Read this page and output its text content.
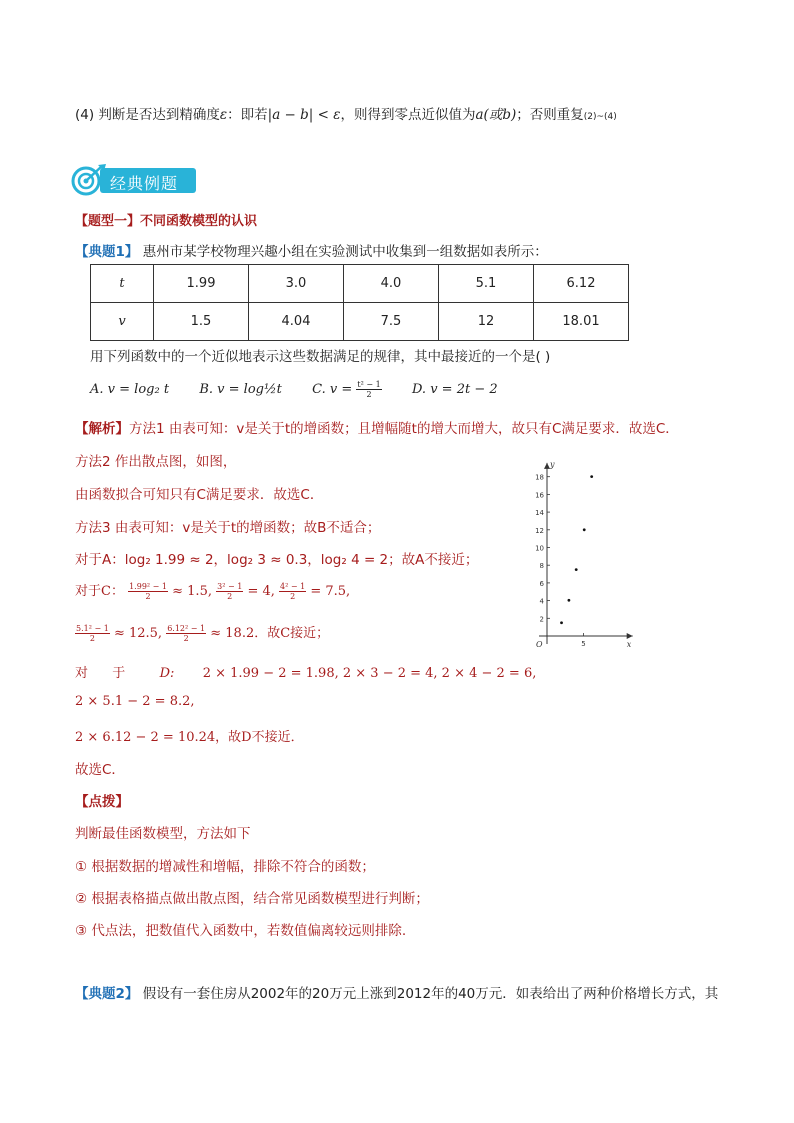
(4) 判断是否达到精确度ε：即若|a − b| < ε，则得到零点近似值为a(或b)；否则重复(2)~(4)
经典例题
【题型一】不同函数模型的认识
【典题1】 惠州市某学校物理兴趣小组在实验测试中收集到一组数据如表所示：
t	1.99	3.0	4.0	5.1	6.12
v	1.5	4.04	7.5	12	18.01
用下列函数中的一个近似地表示这些数据满足的规律，其中最接近的一个是( )
A. v = log₂ t B. v = log½t C. $v = \frac{\text{t² − 1}}{2} D$. v = 2t − 2
【解析】方法1 由表可知：v是关于t的增函数；且增幅随t的增大而增大，故只有C满足要求．故选C．
方法2 作出散点图，如图，
由函数拟合可知只有C满足要求．故选C．
方法3 由表可知：v是关于t的增函数；故B不适合；
对于A：log₂ 1.99 ≈ 2，log₂ 3 ≈ 0.3，log₂ 4 = 2；故A不接近；
对于C： $\frac{\text{1.99² − 1}}{2} \approx 1.5$, $\frac{\text{3² − 1}}{2} = 4$, $\frac{\text{4² − 1}}{2} = 7.5$,
$\frac{\text{5.1² − 1}}{2} \approx 12.5$, $\frac{\text{6.12² − 1}}{2} \approx 18.2$．故C接近；
对 于	D: 2 × 1.99 − 2 = 1.98, 2 × 3 − 2 = 4, 2 × 4 − 2 = 6,
2 × 5.1 − 2 = 8.2,
2 × 6.12 − 2 = 10.24，故D不接近．
故选C．
x
y
O
2
4
6
8
10
12
14
16
18
5
【点拨】
判断最佳函数模型，方法如下
① 根据数据的增减性和增幅，排除不符合的函数；
② 根据表格描点做出散点图，结合常见函数模型进行判断；
③ 代点法，把数值代入函数中，若数值偏离较远则排除.
【典题2】 假设有一套住房从2002年的20万元上涨到2012年的40万元．如表给出了两种价格增长方式，其
